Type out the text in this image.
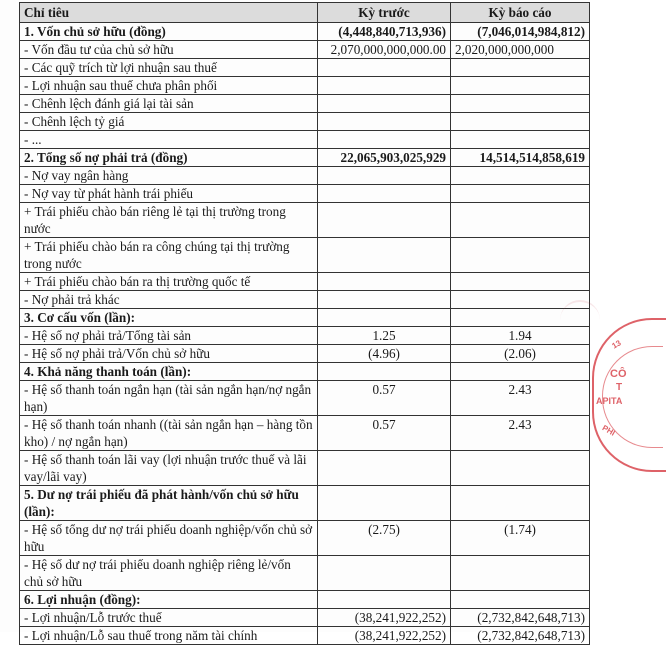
Chỉ tiêu	Kỳ trước	Kỳ báo cáo
1. Vốn chủ sở hữu (đồng)	(4,448,840,713,936)	(7,046,014,984,812)
- Vốn đầu tư của chủ sở hữu	2,070,000,000,000.00	2,020,000,000,000
- Các quỹ trích từ lợi nhuận sau thuế		
- Lợi nhuận sau thuế chưa phân phối		
- Chênh lệch đánh giá lại tài sản		
- Chênh lệch tỷ giá		
- ...		
2. Tổng số nợ phải trả (đồng)	22,065,903,025,929	14,514,514,858,619
- Nợ vay ngân hàng		
- Nợ vay từ phát hành trái phiếu		
+ Trái phiếu chào bán riêng lẻ tại thị trường trong nước		
+ Trái phiếu chào bán ra công chúng tại thị trường trong nước		
+ Trái phiếu chào bán ra thị trường quốc tế		
- Nợ phải trả khác		
3. Cơ cấu vốn (lần):		
- Hệ số nợ phải trả/Tổng tài sản	1.25	1.94
- Hệ số nợ phải trả/Vốn chủ sở hữu	(4.96)	(2.06)
4. Khả năng thanh toán (lần):		
- Hệ số thanh toán ngắn hạn (tài sản ngắn hạn/nợ ngắn hạn)	0.57	2.43
- Hệ số thanh toán nhanh ((tài sản ngắn hạn – hàng tồn kho) / nợ ngắn hạn)	0.57	2.43
- Hệ số thanh toán lãi vay (lợi nhuận trước thuế và lãi vay/lãi vay)		
5. Dư nợ trái phiếu đã phát hành/vốn chủ sở hữu (lần):		
- Hệ số tổng dư nợ trái phiếu doanh nghiệp/vốn chủ sở hữu	(2.75)	(1.74)
- Hệ số dư nợ trái phiếu doanh nghiệp riêng lẻ/vốn chủ sở hữu		
6. Lợi nhuận (đồng):		
- Lợi nhuận/Lỗ trước thuế	(38,241,922,252)	(2,732,842,648,713)
- Lợi nhuận/Lỗ sau thuế trong năm tài chính	(38,241,922,252)	(2,732,842,648,713)
13
CÔ
T
APITA
PHI
